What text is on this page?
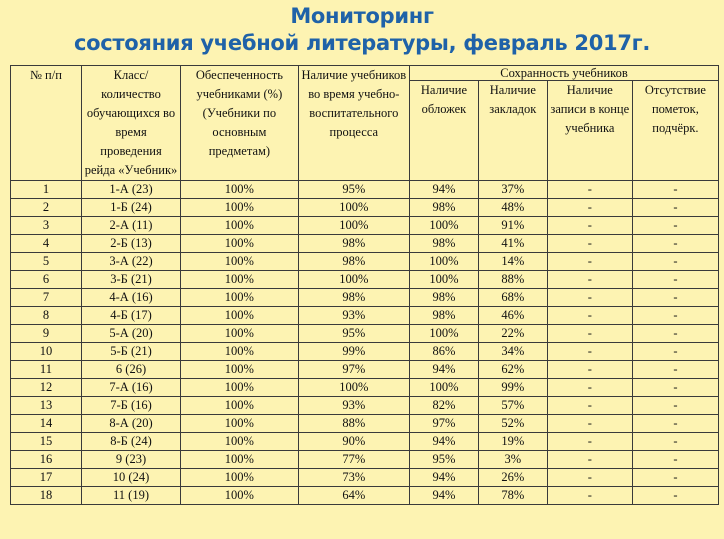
Мониторинг
состояния учебной литературы, февраль 2017г.
№ п/п	Класс/ количество обучающихся во время проведения рейда «Учебник»	Обеспеченность учебниками (%) (Учебники по основным предметам)	Наличие учебников во время учебно-воспитательного процесса	Сохранность учебников			
				Наличие обложек	Наличие закладок	Наличие записи в конце учебника	Отсутствие пометок, подчёрк.
1	1-А (23)	100%	95%	94%	37%	-	-
2	1-Б (24)	100%	100%	98%	48%	-	-
3	2-А (11)	100%	100%	100%	91%	-	-
4	2-Б (13)	100%	98%	98%	41%	-	-
5	3-А (22)	100%	98%	100%	14%	-	-
6	3-Б (21)	100%	100%	100%	88%	-	-
7	4-А (16)	100%	98%	98%	68%	-	-
8	4-Б (17)	100%	93%	98%	46%	-	-
9	5-А (20)	100%	95%	100%	22%	-	-
10	5-Б (21)	100%	99%	86%	34%	-	-
11	6 (26)	100%	97%	94%	62%	-	-
12	7-А (16)	100%	100%	100%	99%	-	-
13	7-Б (16)	100%	93%	82%	57%	-	-
14	8-А (20)	100%	88%	97%	52%	-	-
15	8-Б (24)	100%	90%	94%	19%	-	-
16	9 (23)	100%	77%	95%	3%	-	-
17	10 (24)	100%	73%	94%	26%	-	-
18	11 (19)	100%	64%	94%	78%	-	-
